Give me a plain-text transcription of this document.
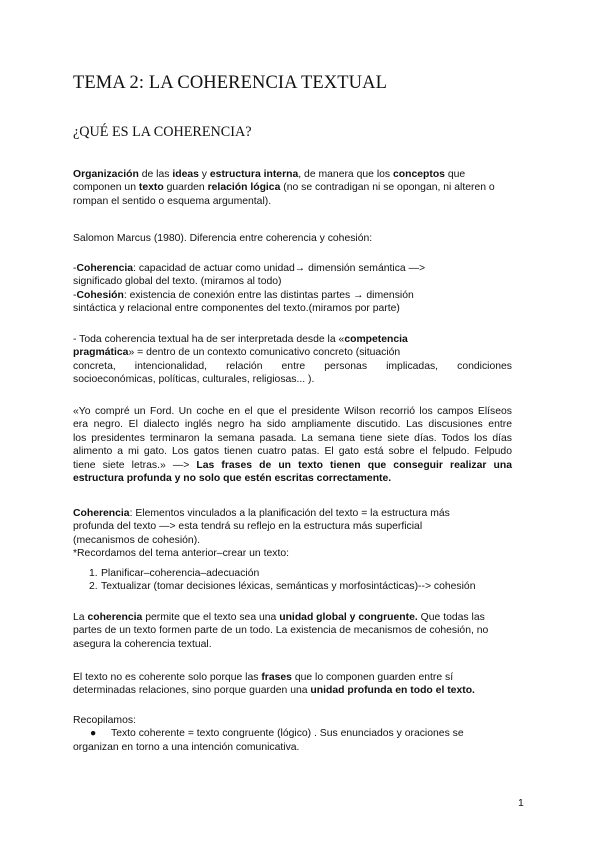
TEMA 2: LA COHERENCIA TEXTUAL
¿QUÉ ES LA COHERENCIA?

Organización de las ideas y estructura interna, de manera que los conceptos que componen un texto guarden relación lógica (no se contradigan ni se opongan, ni alteren o rompan el sentido o esquema argumental).

Salomon Marcus (1980). Diferencia entre coherencia y cohesión:

-Coherencia: capacidad de actuar como unidad→ dimensión semántica —>
significado global del texto. (miramos al todo)
-Cohesión: existencia de conexión entre las distintas partes → dimensión
sintáctica y relacional entre componentes del texto.(miramos por parte)
- Toda coherencia textual ha de ser interpretada desde la «competencia
pragmática» = dentro de un contexto comunicativo concreto (situación
concreta, intencionalidad, relación entre personas implicadas, condiciones
socioeconómicas, políticas, culturales, religiosas... ).
«Yo compré un Ford. Un coche en el que el presidente Wilson recorrió los campos Elíseos
era negro. El dialecto inglés negro ha sido ampliamente discutido. Las discusiones entre
los presidentes terminaron la semana pasada. La semana tiene siete días. Todos los días
alimento a mi gato. Los gatos tienen cuatro patas. El gato está sobre el felpudo. Felpudo
tiene siete letras.» —> Las frases de un texto tienen que conseguir realizar una
estructura profunda y no solo que estén escritas correctamente.
Coherencia: Elementos vinculados a la planificación del texto = la estructura más
profunda del texto —> esta tendrá su reflejo en la estructura más superficial
(mecanismos de cohesión).
*Recordamos del tema anterior–crear un texto:
1. Planificar–coherencia–adecuación
2. Textualizar (tomar decisiones léxicas, semánticas y morfosintácticas)--> cohesión

La coherencia permite que el texto sea una unidad global y congruente. Que todas las partes de un texto formen parte de un todo. La existencia de mecanismos de cohesión, no asegura la coherencia textual.

El texto no es coherente solo porque las frases que lo componen guarden entre sí determinadas relaciones, sino porque guarden una unidad profunda en todo el texto.

Recopilamos:
● Texto coherente = texto congruente (lógico) . Sus enunciados y oraciones se
organizan en torno a una intención comunicativa.
1
